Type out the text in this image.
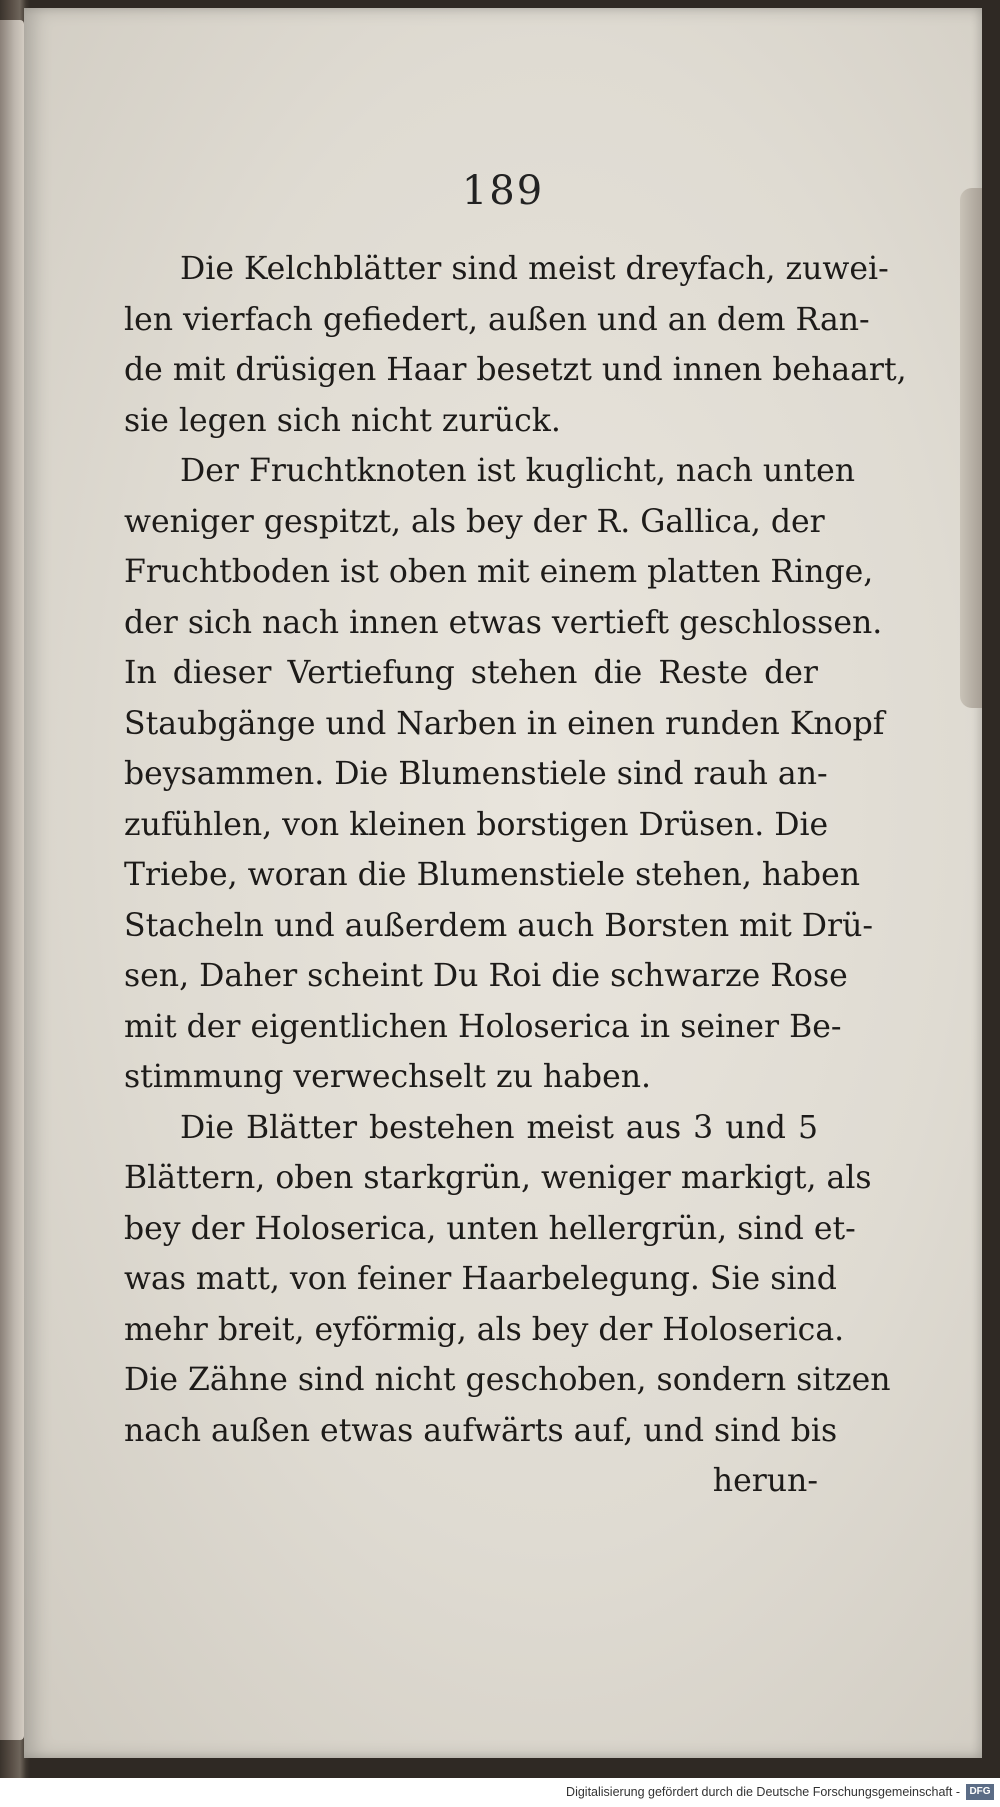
189
Die Kelchblätter sind meist dreyfach, zuwei-
len vierfach gefiedert, außen und an dem Ran-
de mit drüsigen Haar besetzt und innen behaart,
sie legen sich nicht zurück.
Der Fruchtknoten ist kuglicht, nach unten
weniger gespitzt, als bey der R. Gallica, der
Fruchtboden ist oben mit einem platten Ringe,
der sich nach innen etwas vertieft geschlossen.
In dieser Vertiefung stehen die Reste der
Staubgänge und Narben in einen runden Knopf
beysammen. Die Blumenstiele sind rauh an-
zufühlen, von kleinen borstigen Drüsen. Die
Triebe, woran die Blumenstiele stehen, haben
Stacheln und außerdem auch Borsten mit Drü-
sen, Daher scheint Du Roi die schwarze Rose
mit der eigentlichen Holoserica in seiner Be-
stimmung verwechselt zu haben.
Die Blätter bestehen meist aus 3 und 5
Blättern, oben starkgrün, weniger markigt, als
bey der Holoserica, unten hellergrün, sind et-
was matt, von feiner Haarbelegung. Sie sind
mehr breit, eyförmig, als bey der Holoserica.
Die Zähne sind nicht geschoben, sondern sitzen
nach außen etwas aufwärts auf, und sind bis
herun-
Digitalisierung gefördert durch die Deutsche Forschungsgemeinschaft - DFG
